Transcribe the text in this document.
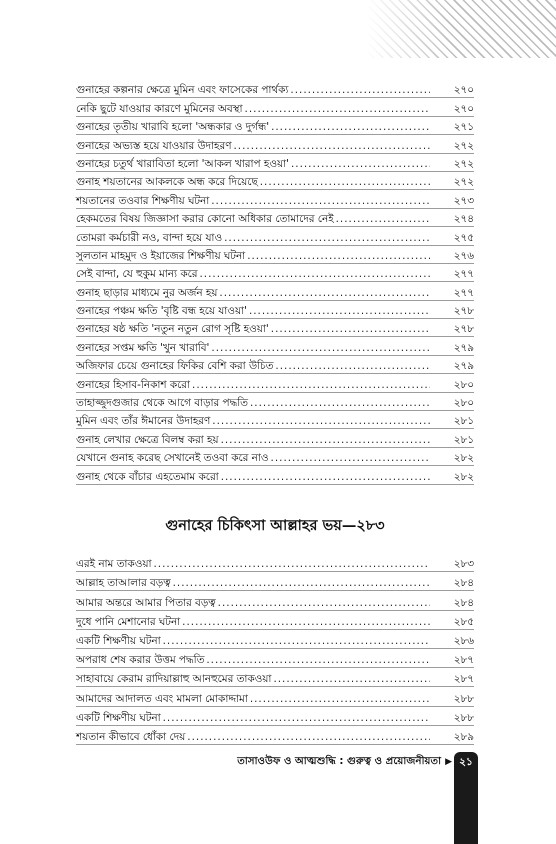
গুনাহের কল্পনার ক্ষেত্রে মুমিন এবং ফাসেকের পার্থক্য .....	২৭০
নেকি ছুটে যাওয়ার কারণে মুমিনের অবস্থা .....	২৭০
গুনাহের তৃতীয় খারাবি হলো 'অন্ধকার ও দুর্গন্ধ' .....	২৭১
গুনাহের অভ্যস্ত হয়ে যাওয়ার উদাহরণ .....	২৭২
গুনাহের চতুর্থ খারাবিতা হলো 'আকল খারাপ হওয়া' .....	২৭২
গুনাহ শয়তানের আকলকে অন্ধ করে দিয়েছে .....	২৭২
শয়তানের তওবার শিক্ষণীয় ঘটনা .....	২৭৩
হেকমতের বিষয় জিজ্ঞাসা করার কোনো অধিকার তোমাদের নেই .....	২৭৪
তোমরা কর্মচারী নও, বান্দা হয়ে যাও .....	২৭৫
সুলতান মাহমুদ ও ইয়াজের শিক্ষণীয় ঘটনা .....	২৭৬
সেই বান্দা, যে হুকুম মান্য করে .....	২৭৭
গুনাহ ছাড়ার মাধ্যমে নুর অর্জন হয় .....	২৭৭
গুনাহের পঞ্চম ক্ষতি 'বৃষ্টি বন্ধ হয়ে যাওয়া' .....	২৭৮
গুনাহের ষষ্ঠ ক্ষতি 'নতুন নতুন রোগ সৃষ্টি হওয়া' .....	২৭৮
গুনাহের সপ্তম ক্ষতি 'খুন খারাবি' .....	২৭৯
অজিফার চেয়ে গুনাহের ফিকির বেশি করা উচিত .....	২৭৯
গুনাহের হিসাব-নিকাশ করো .....	২৮০
তাহাজ্জুদগুজার থেকে আগে বাড়ার পদ্ধতি .....	২৮০
মুমিন এবং তাঁর ঈমানের উদাহরণ .....	২৮১
গুনাহ লেখার ক্ষেত্রে বিলম্ব করা হয় .....	২৮১
যেখানে গুনাহ করেছ সেখানেই তওবা করে নাও .....	২৮২
গুনাহ থেকে বাঁচার এহতেমাম করো .....	২৮২
গুনাহের চিকিৎসা আল্লাহর ভয়—২৮৩
এরই নাম তাকওয়া .....	২৮৩
আল্লাহ তাআলার বড়ত্ব .....	২৮৪
আমার অন্তরে আমার পিতার বড়ত্ব .....	২৮৪
দুধে পানি মেশানোর ঘটনা .....	২৮৫
একটি শিক্ষণীয় ঘটনা .....	২৮৬
অপরাধ শেষ করার উত্তম পদ্ধতি .....	২৮৭
সাহাবায়ে কেরাম রাদিয়াল্লাহু আনহুমের তাকওয়া .....	২৮৭
আমাদের আদালত এবং মামলা মোকাদ্দামা .....	২৮৮
একটি শিক্ষণীয় ঘটনা .....	২৮৮
শয়তান কীভাবে ধোঁকা দেয় .....	২৮৯
তাসাওউফ ও আত্মশুদ্ধি : গুরুত্ব ও প্রয়োজনীয়তা ▶ ২১
